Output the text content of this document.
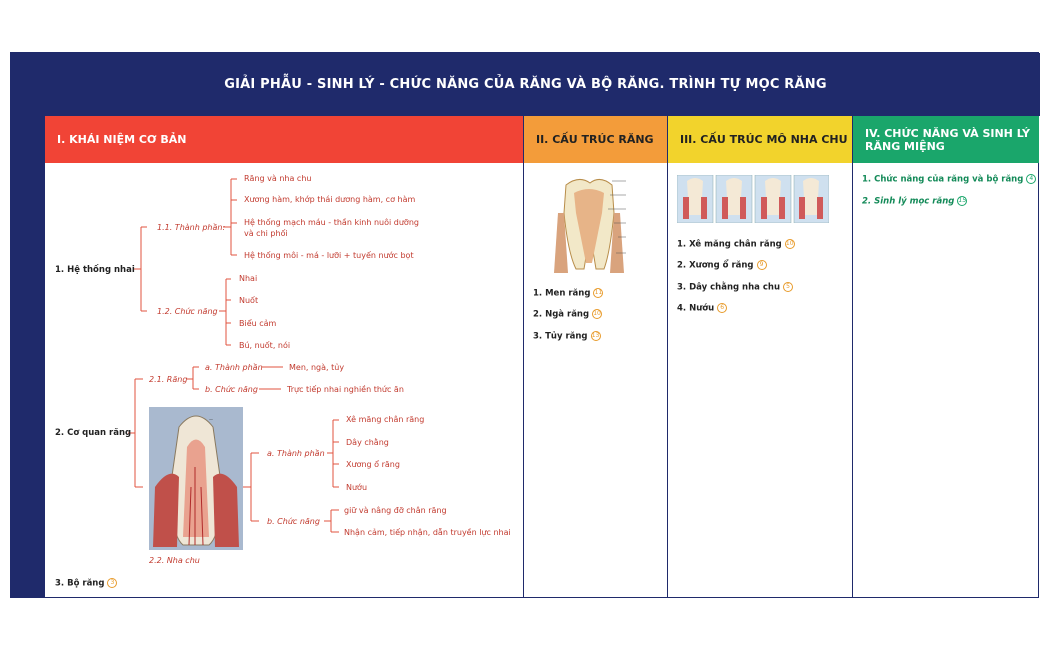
GIẢI PHẪU - SINH LÝ - CHỨC NĂNG CỦA RĂNG VÀ BỘ RĂNG. TRÌNH TỰ MỌC RĂNG
I. KHÁI NIỆM CƠ BẢN	II. CẤU TRÚC RĂNG	III. CẤU TRÚC MÔ NHA CHU	IV. CHỨC NĂNG VÀ SINH LÝ RĂNG MIỆNG
1. Hệ thống nhai
1.1. Thành phần:
Răng và nha chu
Xương hàm, khớp thái dương hàm, cơ hàm
Hệ thống mạch máu - thần kinh nuôi dưỡng
và chi phối
Hệ thống môi - má - lưỡi + tuyến nước bọt
1.2. Chức năng
Nhai
Nuốt
Biểu cảm
Bú, nuốt, nói
2. Cơ quan răng
2.1. Răng
a. Thành phần	Men, ngà, tủy
b. Chức năng	Trực tiếp nhai nghiền thức ăn
—
2.2. Nha chu
a. Thành phần
Xê măng chân răng
Dây chằng
Xương ổ răng
Nướu
b. Chức năng
giữ và nâng đỡ chân răng
Nhận cảm, tiếp nhận, dẫn truyền lực nhai
3. Bộ răng 3
1. Men răng 11
2. Ngà răng 10
3. Tủy răng 13
1. Xê măng chân răng 10
2. Xương ổ răng 9
3. Dây chằng nha chu 5
4. Nướu 6
1. Chức năng của răng và bộ răng 4
2. Sinh lý mọc răng 15
